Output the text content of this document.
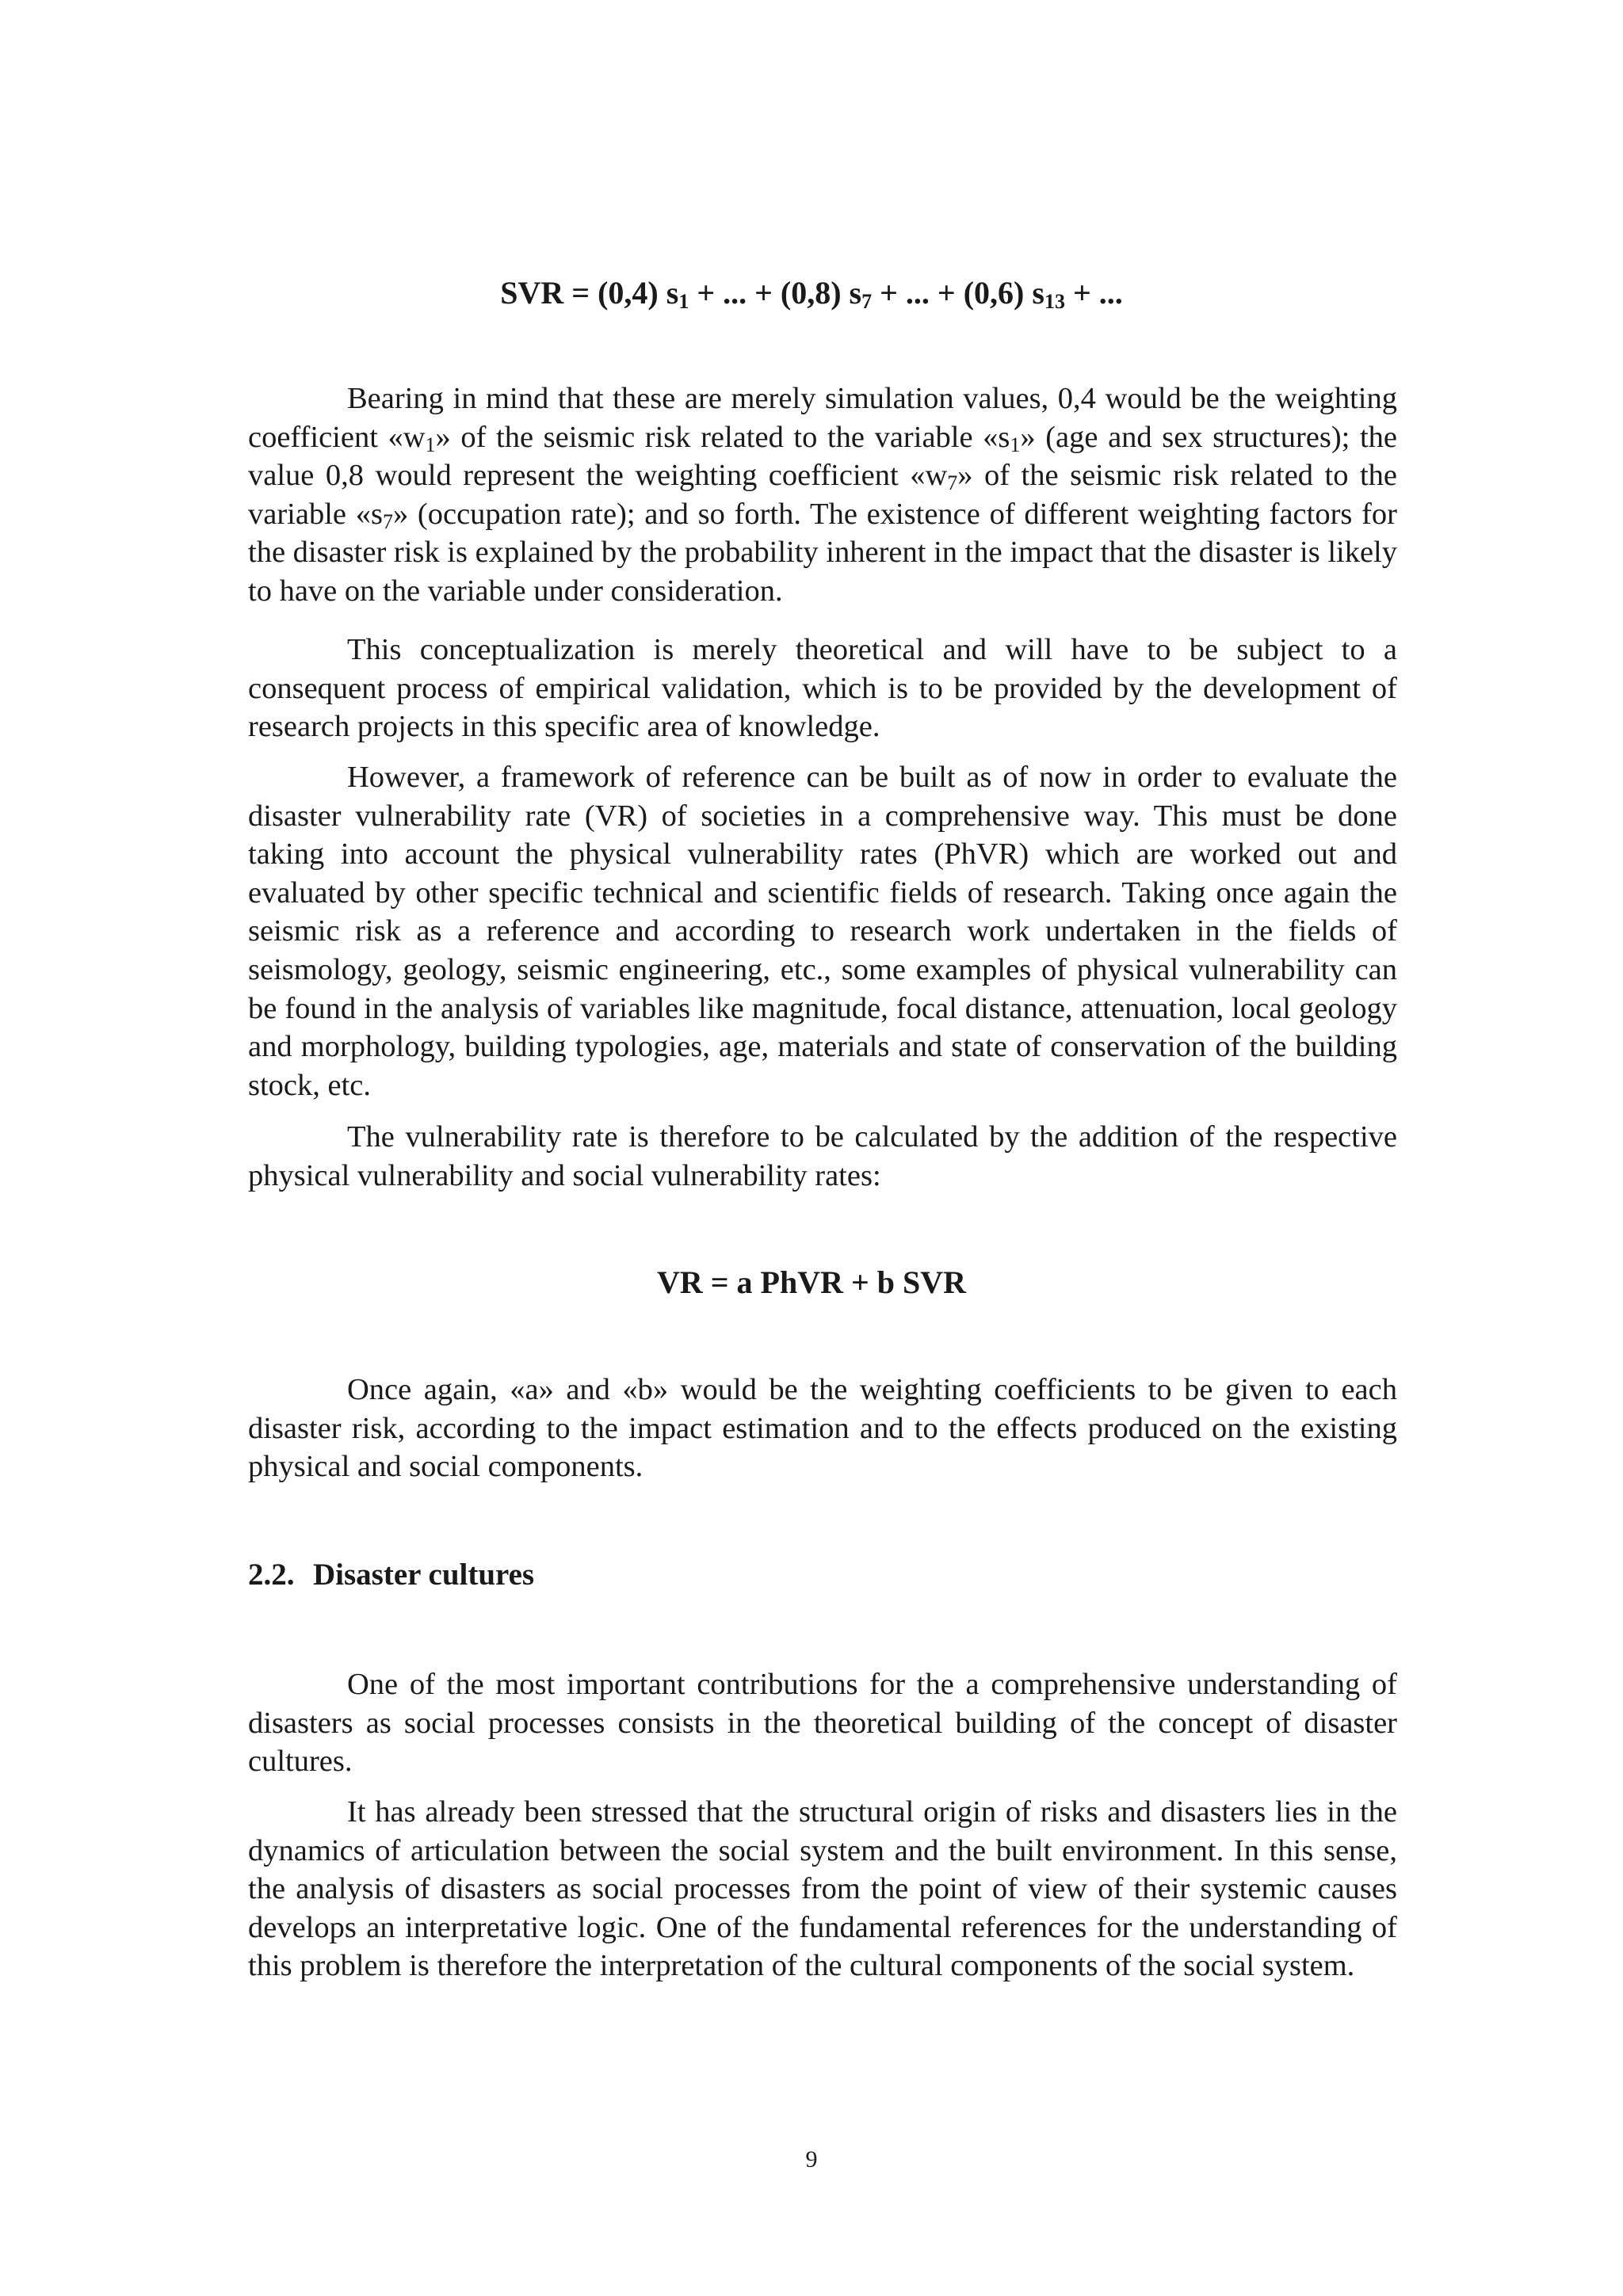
SVR = (0,4) $s_1$ + ... + (0,8) $s_7$ + ... + (0,6) $s_{13}$ + ...

Bearing in mind that these are merely simulation values, 0,4 would be the weighting coefficient «w1» of the seismic risk related to the variable «s1» (age and sex structures); the value 0,8 would represent the weighting coefficient «w7» of the seismic risk related to the variable «s7» (occupation rate); and so forth. The existence of different weighting factors for the disaster risk is explained by the probability inherent in the impact that the disaster is likely to have on the variable under consideration.

This conceptualization is merely theoretical and will have to be subject to a consequent process of empirical validation, which is to be provided by the development of research projects in this specific area of knowledge.

However, a framework of reference can be built as of now in order to evaluate the disaster vulnerability rate (VR) of societies in a comprehensive way. This must be done taking into account the physical vulnerability rates (PhVR) which are worked out and evaluated by other specific technical and scientific fields of research. Taking once again the seismic risk as a reference and according to research work undertaken in the fields of seismology, geology, seismic engineering, etc., some examples of physical vulnerability can be found in the analysis of variables like magnitude, focal distance, attenuation, local geology and morphology, building typologies, age, materials and state of conservation of the building stock, etc.

The vulnerability rate is therefore to be calculated by the addition of the respective physical vulnerability and social vulnerability rates:

VR = a PhVR + b SVR

Once again, «a» and «b» would be the weighting coefficients to be given to each disaster risk, according to the impact estimation and to the effects produced on the existing physical and social components.

2.2. Disaster cultures

One of the most important contributions for the a comprehensive understanding of disasters as social processes consists in the theoretical building of the concept of disaster cultures.

It has already been stressed that the structural origin of risks and disasters lies in the dynamics of articulation between the social system and the built environment. In this sense, the analysis of disasters as social processes from the point of view of their systemic causes develops an interpretative logic. One of the fundamental references for the understanding of this problem is therefore the interpretation of the cultural components of the social system.

9
